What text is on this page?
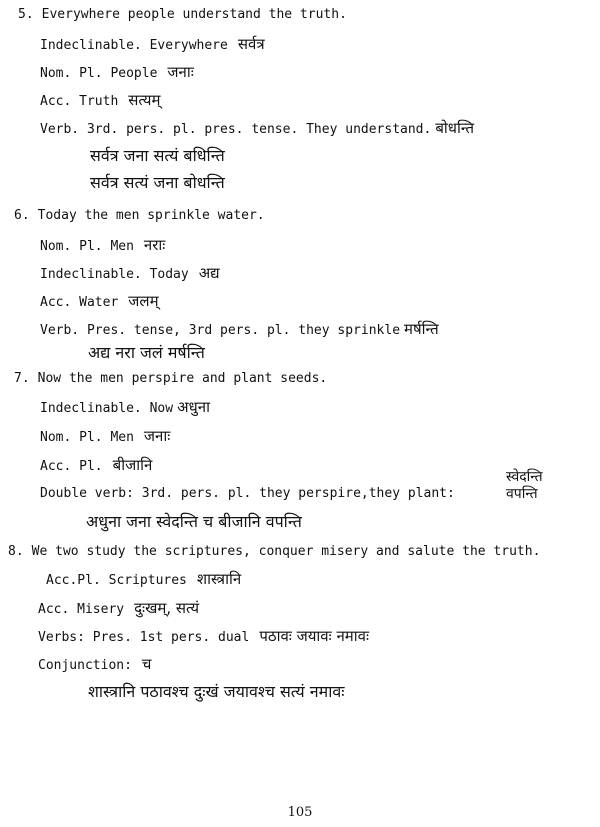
5. Everywhere people understand the truth.
Indeclinable. Everywhere सर्वत्र
Nom. Pl. People जनाः
Acc. Truth सत्यम्
Verb. 3rd. pers. pl. pres. tense. They understand. बोधन्ति
सर्वत्र जना सत्यं बधिन्ति
सर्वत्र सत्यं जना बोधन्ति
6. Today the men sprinkle water.
Nom. Pl. Men नराः
Indeclinable. Today अद्य
Acc. Water जलम्
Verb. Pres. tense, 3rd pers. pl. they sprinkle मर्षन्ति
अद्य नरा जलं मर्षन्ति
7. Now the men perspire and plant seeds.
Indeclinable. Now अधुना
Nom. Pl. Men जनाः
Acc. Pl. बीजानि
Double verb: 3rd. pers. pl. they perspire,they plant:
स्वेदन्ति
वपन्ति
अधुना जना स्वेदन्ति च बीजानि वपन्ति
8. We two study the scriptures, conquer misery and salute the truth.
Acc.Pl. Scriptures शास्त्रानि
Acc. Misery दुःखम्, सत्यं
Verbs: Pres. 1st pers. dual पठावः जयावः नमावः
Conjunction: च
शास्त्रानि पठावश्च दुःखं जयावश्च सत्यं नमावः
105
